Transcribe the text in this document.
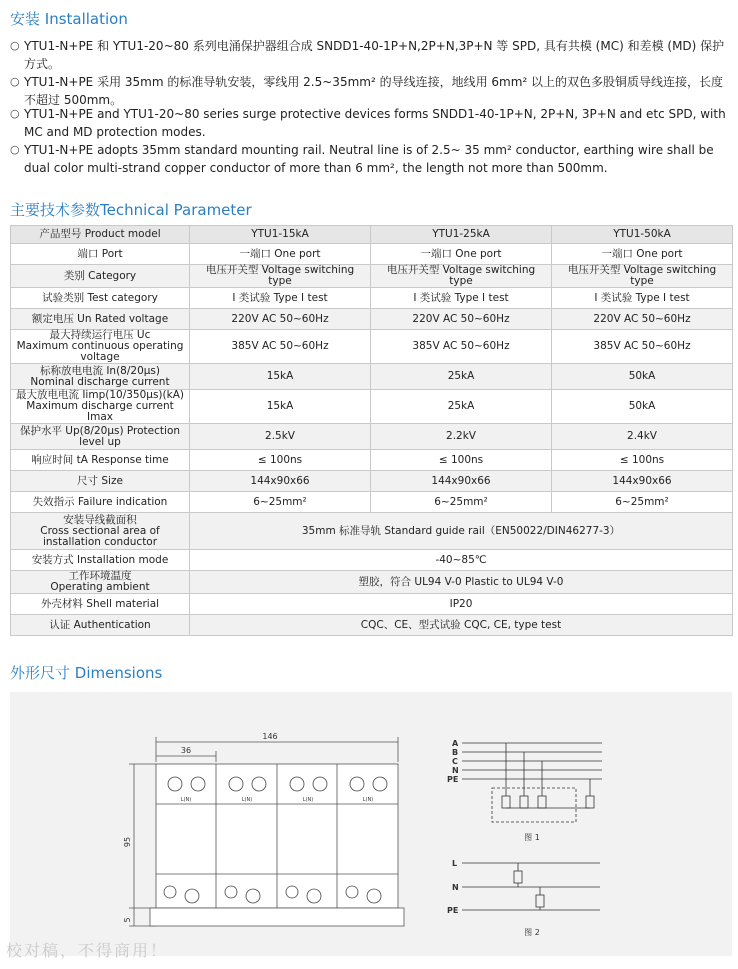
安装 Installation
○ YTU1-N+PE 和 YTU1-20~80 系列电涌保护器组合成 SNDD1-40-1P+N,2P+N,3P+N 等 SPD, 具有共模 (MC) 和差模 (MD) 保护方式。
○ YTU1-N+PE 采用 35mm 的标准导轨安装，零线用 2.5~35mm² 的导线连接，地线用 6mm² 以上的双色多股铜质导线连接，长度不超过 500mm。
○ YTU1-N+PE and YTU1-20~80 series surge protective devices forms SNDD1-40-1P+N, 2P+N, 3P+N and etc SPD, with MC and MD protection modes.
○ YTU1-N+PE adopts 35mm standard mounting rail. Neutral line is of 2.5~ 35 mm² conductor, earthing wire shall be dual color multi-strand copper conductor of more than 6 mm², the length not more than 500mm.
主要技术参数Technical Parameter
产品型号 Product model	YTU1-15kA	YTU1-25kA	YTU1-50kA
端口 Port	一端口 One port	一端口 One port	一端口 One port
类别 Category	电压开关型 Voltage switching type	电压开关型 Voltage switching type	电压开关型 Voltage switching type
试验类别 Test category	I 类试验 Type I test	I 类试验 Type I test	I 类试验 Type I test
额定电压 Un Rated voltage	220V AC 50~60Hz	220V AC 50~60Hz	220V AC 50~60Hz
最大持续运行电压 Uc
Maximum continuous operating voltage	385V AC 50~60Hz	385V AC 50~60Hz	385V AC 50~60Hz
标称放电电流 In(8/20μs)
Nominal discharge current	15kA	25kA	50kA
最大放电电流 Iimp(10/350μs)(kA)
Maximum discharge current Imax	15kA	25kA	50kA
保护水平 Up(8/20μs) Protection level up	2.5kV	2.2kV	2.4kV
响应时间 tA Response time	≤ 100ns	≤ 100ns	≤ 100ns
尺寸 Size	144x90x66	144x90x66	144x90x66
失效指示 Failure indication	6~25mm²	6~25mm²	6~25mm²
安装导线截面积
Cross sectional area of installation conductor	35mm 标准导轨 Standard guide rail（EN50022/DIN46277-3）		
安装方式 Installation mode	-40~85℃		
工作环境温度
Operating ambient	塑胶，符合 UL94 V-0 Plastic to UL94 V-0		
外壳材料 Shell material	IP20		
认证 Authentication	CQC、CE、型式试验 CQC, CE, type test		
外形尺寸 Dimensions
146
36
95
5
L(N)	L(N)	L(N)	L(N)
A
B
C
N
PE
图 1
L
N
PE
图 2
校对稿，不得商用！
